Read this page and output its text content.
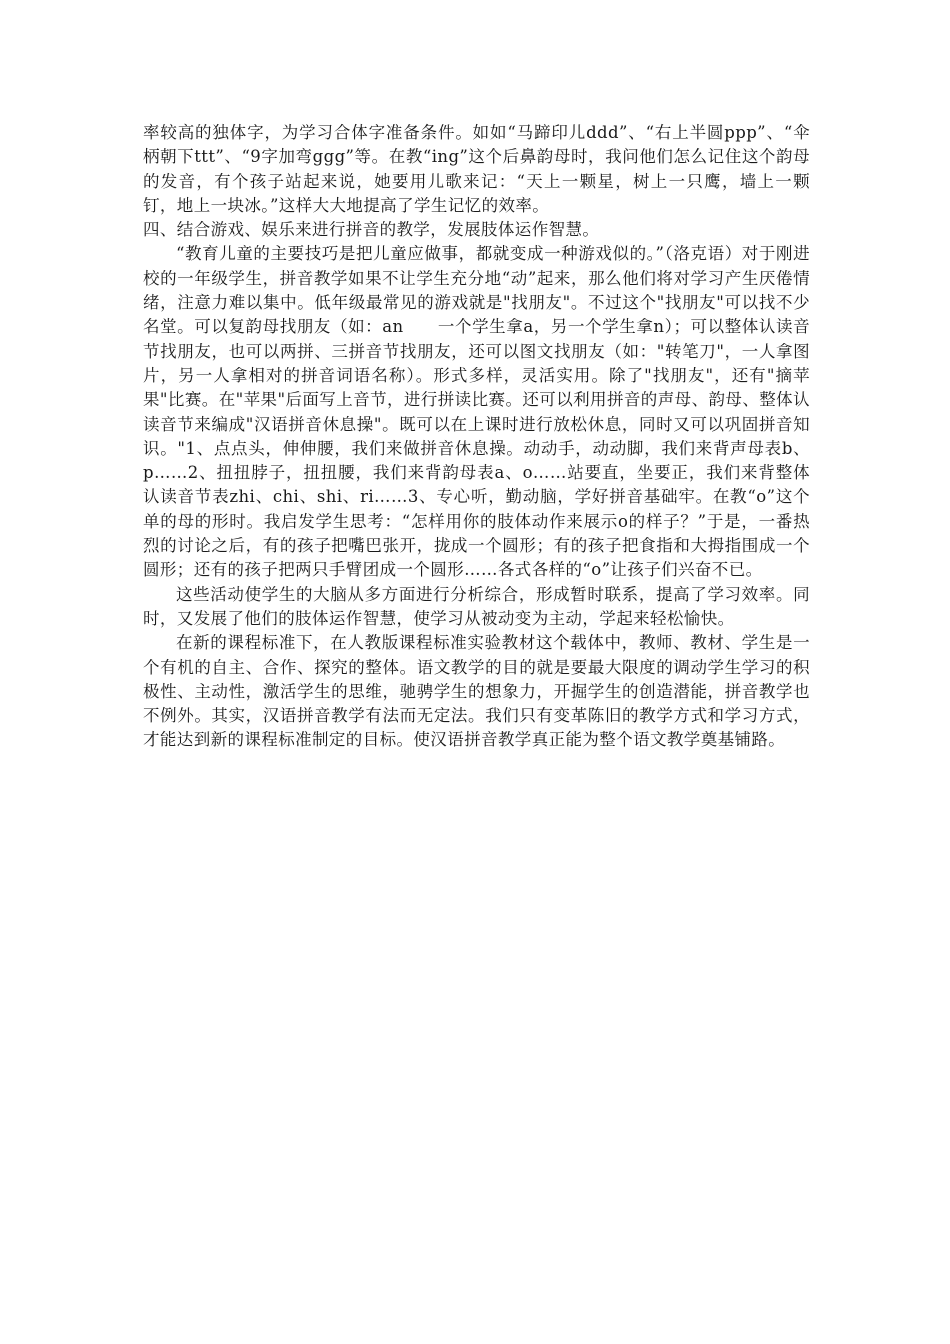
率较高的独体字，为学习合体字准备条件。如如“马蹄印儿ddd”、“右上半圆ppp”、“伞柄朝下ttt”、“9字加弯ggg”等。在教“ing”这个后鼻韵母时，我问他们怎么记住这个韵母的发音，有个孩子站起来说，她要用儿歌来记：“天上一颗星，树上一只鹰，墙上一颗钉，地上一块冰。”这样大大地提高了学生记忆的效率。

四、结合游戏、娱乐来进行拼音的教学，发展肢体运作智慧。

“教育儿童的主要技巧是把儿童应做事，都就变成一种游戏似的。”（洛克语）对于刚进校的一年级学生，拼音教学如果不让学生充分地“动”起来，那么他们将对学习产生厌倦情绪，注意力难以集中。低年级最常见的游戏就是"找朋友"。不过这个"找朋友"可以找不少名堂。可以复韵母找朋友（如：an　　一个学生拿a，另一个学生拿n）；可以整体认读音节找朋友，也可以两拼、三拼音节找朋友，还可以图文找朋友（如："转笔刀"，一人拿图片，另一人拿相对的拼音词语名称）。形式多样，灵活实用。除了"找朋友"，还有"摘苹果"比赛。在"苹果"后面写上音节，进行拼读比赛。还可以利用拼音的声母、韵母、整体认读音节来编成"汉语拼音休息操"。既可以在上课时进行放松休息，同时又可以巩固拼音知识。"1、点点头，伸伸腰，我们来做拼音休息操。动动手，动动脚，我们来背声母表b、p……2、扭扭脖子，扭扭腰，我们来背韵母表a、o……站要直，坐要正，我们来背整体认读音节表zhi、chi、shi、ri……3、专心听，勤动脑，学好拼音基础牢。在教“o”这个单的母的形时。我启发学生思考：“怎样用你的肢体动作来展示o的样子？”于是，一番热烈的讨论之后，有的孩子把嘴巴张开，拢成一个圆形；有的孩子把食指和大拇指围成一个圆形；还有的孩子把两只手臂团成一个圆形……各式各样的“o”让孩子们兴奋不已。

这些活动使学生的大脑从多方面进行分析综合，形成暂时联系，提高了学习效率。同时，又发展了他们的肢体运作智慧，使学习从被动变为主动，学起来轻松愉快。

在新的课程标准下，在人教版课程标准实验教材这个载体中，教师、教材、学生是一个有机的自主、合作、探究的整体。语文教学的目的就是要最大限度的调动学生学习的积极性、主动性，激活学生的思维，驰骋学生的想象力，开掘学生的创造潜能，拼音教学也不例外。其实，汉语拼音教学有法而无定法。我们只有变革陈旧的教学方式和学习方式，才能达到新的课程标准制定的目标。使汉语拼音教学真正能为整个语文教学奠基铺路。
